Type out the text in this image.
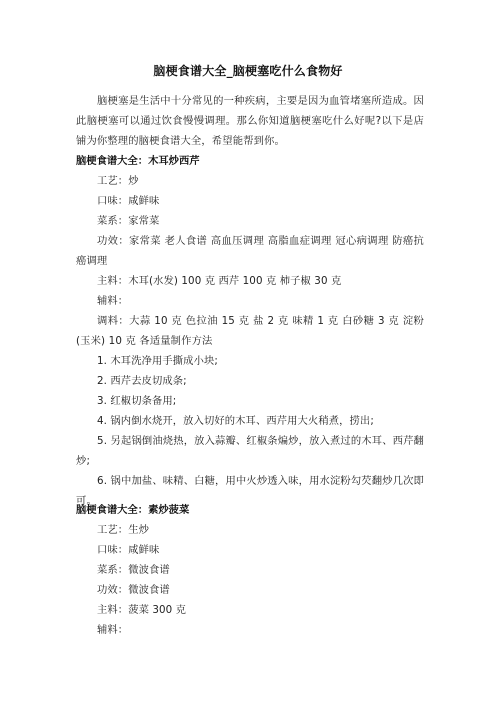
脑梗食谱大全_脑梗塞吃什么食物好
脑梗塞是生活中十分常见的一种疾病，主要是因为血管堵塞所造成。因此脑梗塞可以通过饮食慢慢调理。那么你知道脑梗塞吃什么好呢?以下是店铺为你整理的脑梗食谱大全，希望能帮到你。
脑梗食谱大全：木耳炒西芹
工艺：炒
口味：咸鲜味
菜系：家常菜
功效：家常菜 老人食谱 高血压调理 高脂血症调理 冠心病调理 防癌抗癌调理
主料：木耳(水发) 100 克 西芹 100 克 柿子椒 30 克
辅料：
调料：大蒜 10 克 色拉油 15 克 盐 2 克 味精 1 克 白砂糖 3 克 淀粉(玉米) 10 克 各适量制作方法
1. 木耳洗净用手撕成小块;
2. 西芹去皮切成条;
3. 红椒切条备用;
4. 锅内倒水烧开，放入切好的木耳、西芹用大火稍煮，捞出;
5. 另起锅倒油烧热，放入蒜瓣、红椒条煸炒，放入煮过的木耳、西芹翻炒;
6. 锅中加盐、味精、白糖，用中火炒透入味，用水淀粉勾芡翻炒几次即可。
脑梗食谱大全：素炒菠菜
工艺：生炒
口味：咸鲜味
菜系：微波食谱
功效：微波食谱
主料：菠菜 300 克
辅料：
